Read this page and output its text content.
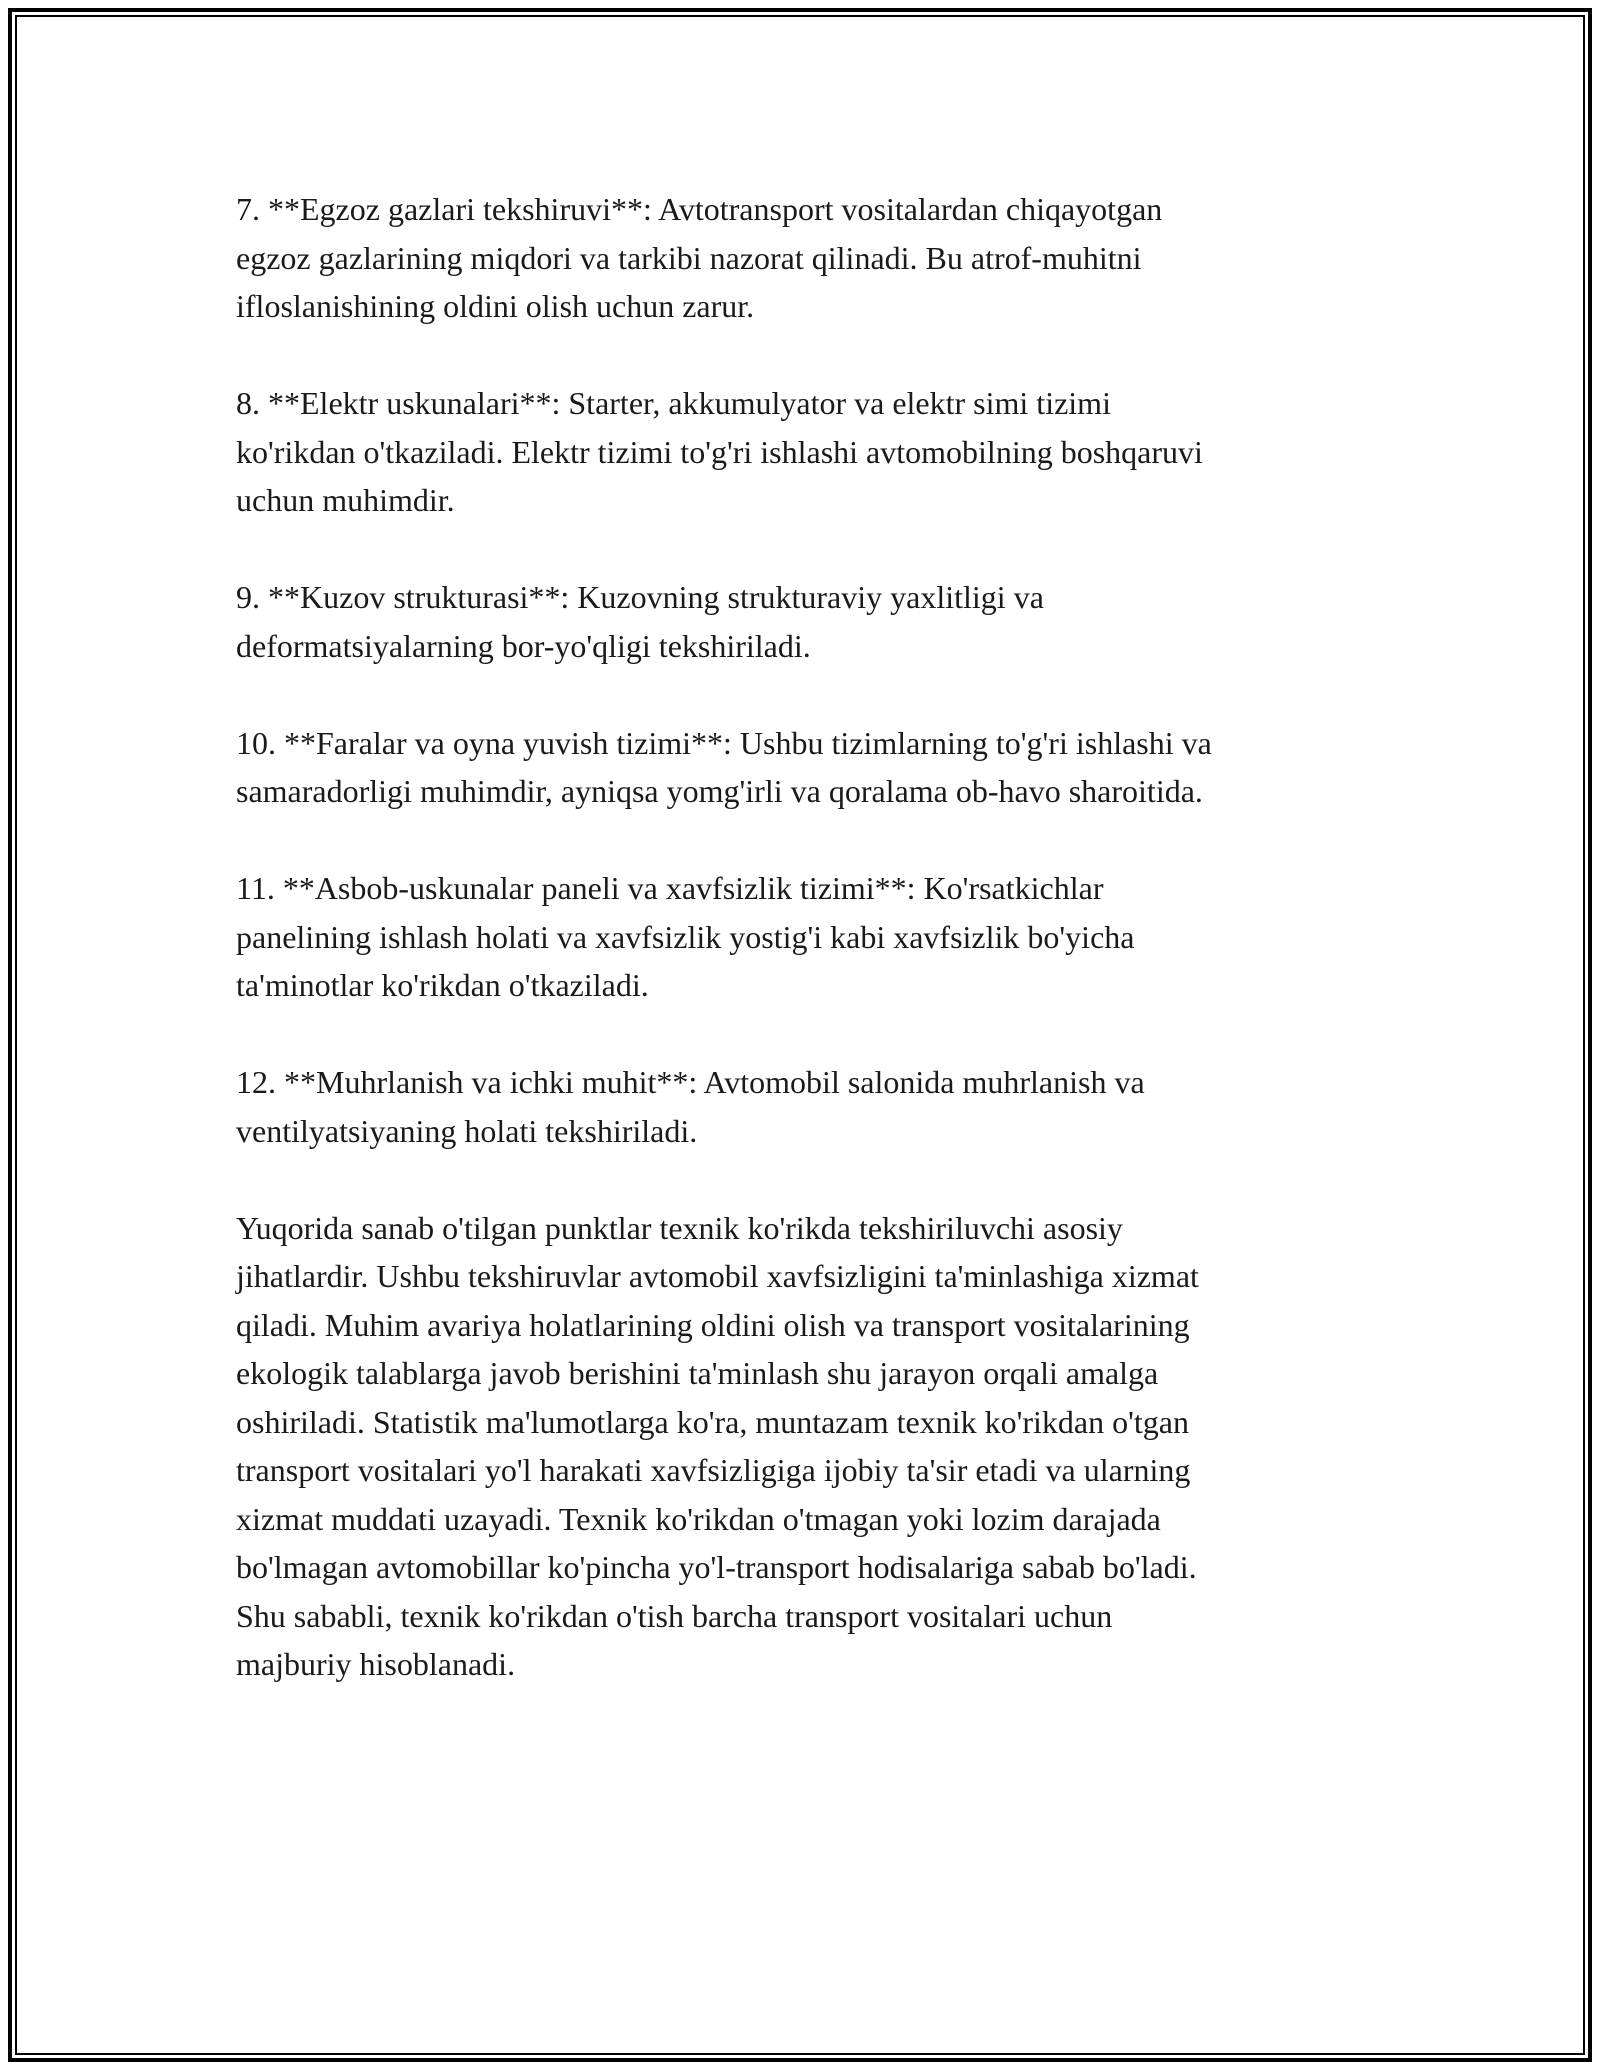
7. **Egzoz gazlari tekshiruvi**: Avtotransport vositalardan chiqayotgan
egzoz gazlarining miqdori va tarkibi nazorat qilinadi. Bu atrof-muhitni
ifloslanishining oldini olish uchun zarur.

8. **Elektr uskunalari**: Starter, akkumulyator va elektr simi tizimi
ko'rikdan o'tkaziladi. Elektr tizimi to'g'ri ishlashi avtomobilning boshqaruvi
uchun muhimdir.

9. **Kuzov strukturasi**: Kuzovning strukturaviy yaxlitligi va
deformatsiyalarning bor-yo'qligi tekshiriladi.

10. **Faralar va oyna yuvish tizimi**: Ushbu tizimlarning to'g'ri ishlashi va
samaradorligi muhimdir, ayniqsa yomg'irli va qoralama ob-havo sharoitida.

11. **Asbob-uskunalar paneli va xavfsizlik tizimi**: Ko'rsatkichlar
panelining ishlash holati va xavfsizlik yostig'i kabi xavfsizlik bo'yicha
ta'minotlar ko'rikdan o'tkaziladi.

12. **Muhrlanish va ichki muhit**: Avtomobil salonida muhrlanish va
ventilyatsiyaning holati tekshiriladi.

Yuqorida sanab o'tilgan punktlar texnik ko'rikda tekshiriluvchi asosiy
jihatlardir. Ushbu tekshiruvlar avtomobil xavfsizligini ta'minlashiga xizmat
qiladi. Muhim avariya holatlarining oldini olish va transport vositalarining
ekologik talablarga javob berishini ta'minlash shu jarayon orqali amalga
oshiriladi. Statistik ma'lumotlarga ko'ra, muntazam texnik ko'rikdan o'tgan
transport vositalari yo'l harakati xavfsizligiga ijobiy ta'sir etadi va ularning
xizmat muddati uzayadi. Texnik ko'rikdan o'tmagan yoki lozim darajada
bo'lmagan avtomobillar ko'pincha yo'l-transport hodisalariga sabab bo'ladi.
Shu sababli, texnik ko'rikdan o'tish barcha transport vositalari uchun
majburiy hisoblanadi.
